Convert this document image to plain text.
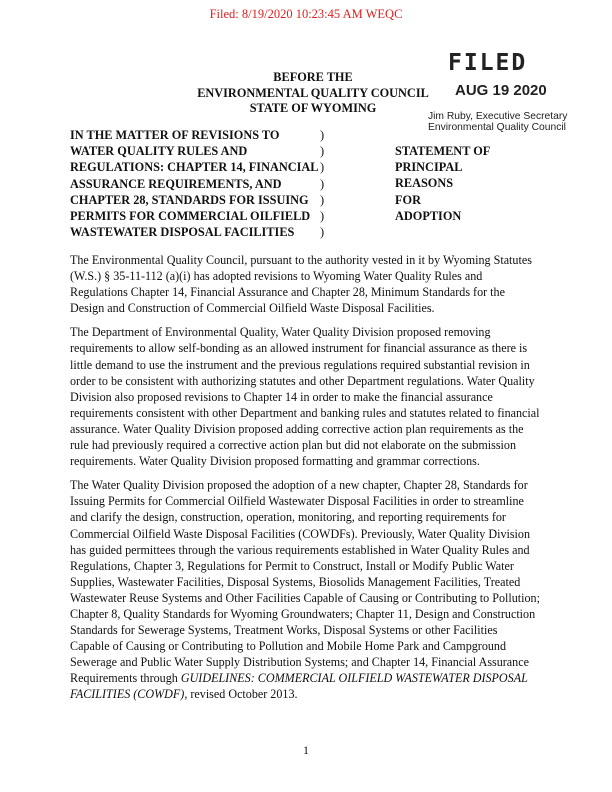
Filed: 8/19/2020 10:23:45 AM WEQC
FILED
AUG 19 2020
Jim Ruby, Executive Secretary
Environmental Quality Council
BEFORE THE
ENVIRONMENTAL QUALITY COUNCIL
STATE OF WYOMING
IN THE MATTER OF REVISIONS TO
WATER QUALITY RULES AND
REGULATIONS: CHAPTER 14, FINANCIAL
ASSURANCE REQUIREMENTS, AND
CHAPTER 28, STANDARDS FOR ISSUING
PERMITS FOR COMMERCIAL OILFIELD
WASTEWATER DISPOSAL FACILITIES
)
)
)
)
)
)
)
STATEMENT OF
PRINCIPAL
REASONS
FOR
ADOPTION

The Environmental Quality Council, pursuant to the authority vested in it by Wyoming Statutes
(W.S.) § 35-11-112 (a)(i) has adopted revisions to Wyoming Water Quality Rules and
Regulations Chapter 14, Financial Assurance and Chapter 28, Minimum Standards for the
Design and Construction of Commercial Oilfield Waste Disposal Facilities.

The Department of Environmental Quality, Water Quality Division proposed removing
requirements to allow self-bonding as an allowed instrument for financial assurance as there is
little demand to use the instrument and the previous regulations required substantial revision in
order to be consistent with authorizing statutes and other Department regulations. Water Quality
Division also proposed revisions to Chapter 14 in order to make the financial assurance
requirements consistent with other Department and banking rules and statutes related to financial
assurance. Water Quality Division proposed adding corrective action plan requirements as the
rule had previously required a corrective action plan but did not elaborate on the submission
requirements. Water Quality Division proposed formatting and grammar corrections.

The Water Quality Division proposed the adoption of a new chapter, Chapter 28, Standards for
Issuing Permits for Commercial Oilfield Wastewater Disposal Facilities in order to streamline
and clarify the design, construction, operation, monitoring, and reporting requirements for
Commercial Oilfield Waste Disposal Facilities (COWDFs). Previously, Water Quality Division
has guided permittees through the various requirements established in Water Quality Rules and
Regulations, Chapter 3, Regulations for Permit to Construct, Install or Modify Public Water
Supplies, Wastewater Facilities, Disposal Systems, Biosolids Management Facilities, Treated
Wastewater Reuse Systems and Other Facilities Capable of Causing or Contributing to Pollution;
Chapter 8, Quality Standards for Wyoming Groundwaters; Chapter 11, Design and Construction
Standards for Sewerage Systems, Treatment Works, Disposal Systems or other Facilities
Capable of Causing or Contributing to Pollution and Mobile Home Park and Campground
Sewerage and Public Water Supply Distribution Systems; and Chapter 14, Financial Assurance
Requirements through GUIDELINES: COMMERCIAL OILFIELD WASTEWATER DISPOSAL
FACILITIES (COWDF), revised October 2013.

1
